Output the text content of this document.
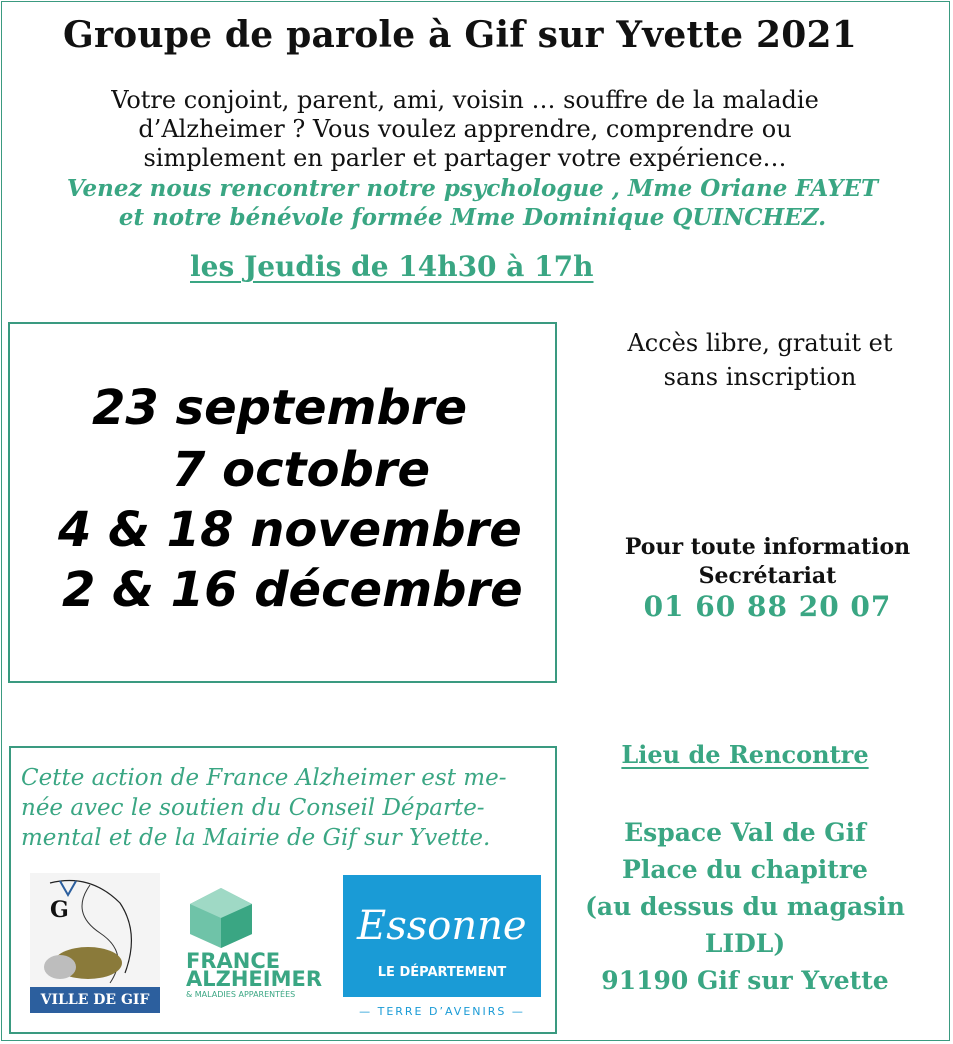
Groupe de parole à Gif sur Yvette 2021
Votre conjoint, parent, ami, voisin … souffre de la maladie
d’Alzheimer ? Vous voulez apprendre, comprendre ou
simplement en parler et partager votre expérience…
Venez nous rencontrer notre psychologue , Mme Oriane FAYET
et notre bénévole formée Mme Dominique QUINCHEZ.
les Jeudis de 14h30 à 17h
23 septembre
7 octobre
4 & 18 novembre
2 & 16 décembre
Accès libre, gratuit et
sans inscription
Pour toute information
Secrétariat
01 60 88 20 07
Lieu de Rencontre
Espace Val de Gif
Place du chapitre
(au dessus du magasin
LIDL)
91190 Gif sur Yvette
Cette action de France Alzheimer est me-
née avec le soutien du Conseil Départe-
mental et de la Mairie de Gif sur Yvette.
G
VILLE DE GIF
FRANCE
ALZHEIMER
& MALADIES APPARENTÉES
Essonne
LE DÉPARTEMENT
— TERRE D’AVENIRS —
